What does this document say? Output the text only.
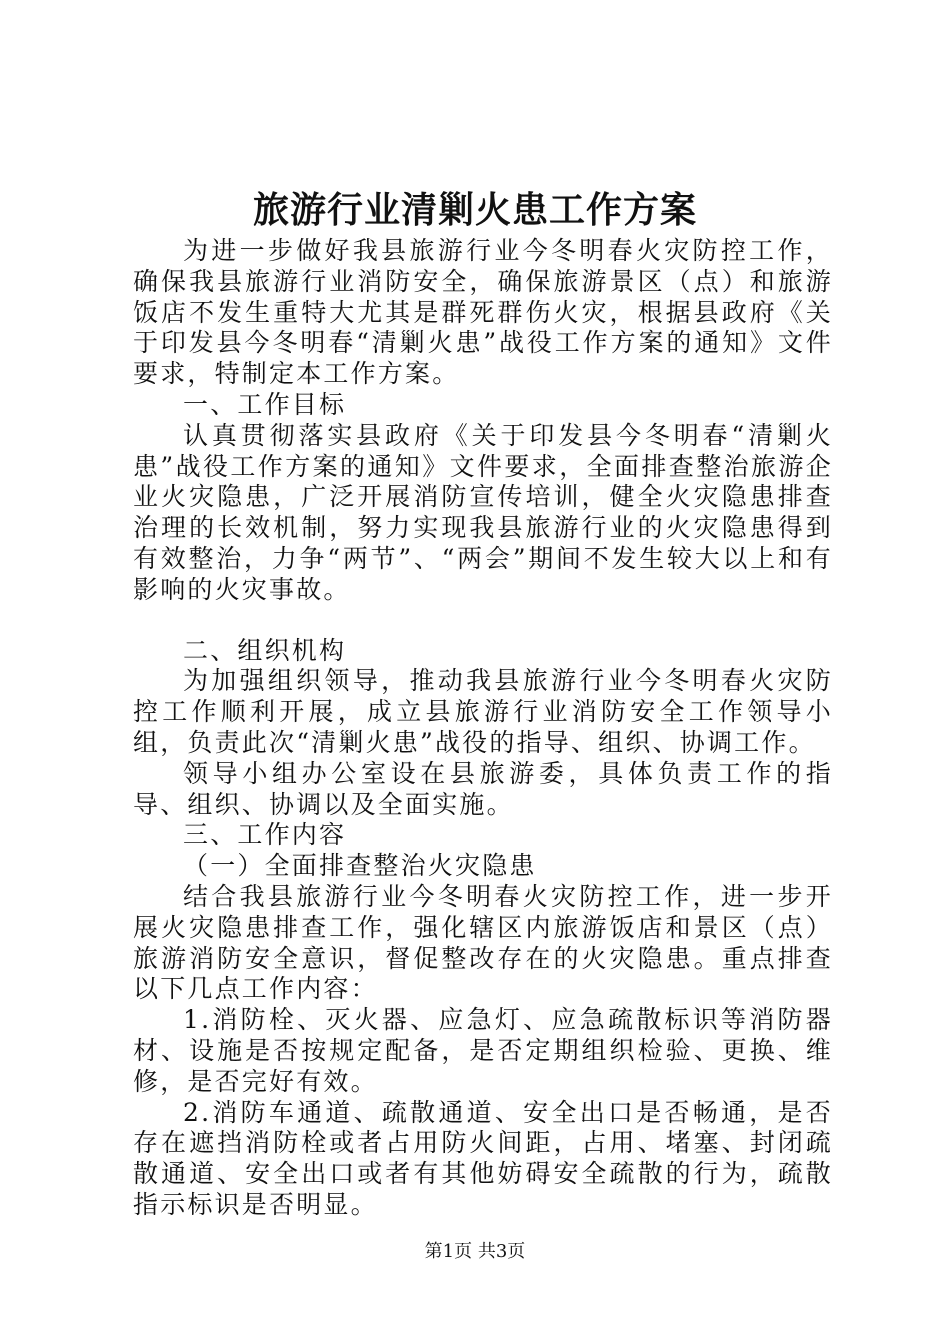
旅游行业清剿火患工作方案

为进一步做好我县旅游行业今冬明春火灾防控工作，确保我县旅游行业消防安全，确保旅游景区（点）和旅游饭店不发生重特大尤其是群死群伤火灾，根据县政府《关于印发县今冬明春“清剿火患”战役工作方案的通知》文件要求，特制定本工作方案。

一、工作目标

认真贯彻落实县政府《关于印发县今冬明春“清剿火患”战役工作方案的通知》文件要求，全面排查整治旅游企业火灾隐患，广泛开展消防宣传培训，健全火灾隐患排查治理的长效机制，努力实现我县旅游行业的火灾隐患得到有效整治，力争“两节”、“两会”期间不发生较大以上和有影响的火灾事故。

二、组织机构

为加强组织领导，推动我县旅游行业今冬明春火灾防控工作顺利开展，成立县旅游行业消防安全工作领导小组，负责此次“清剿火患”战役的指导、组织、协调工作。

领导小组办公室设在县旅游委，具体负责工作的指导、组织、协调以及全面实施。

三、工作内容

（一）全面排查整治火灾隐患

结合我县旅游行业今冬明春火灾防控工作，进一步开展火灾隐患排查工作，强化辖区内旅游饭店和景区（点）旅游消防安全意识，督促整改存在的火灾隐患。重点排查以下几点工作内容：

1.消防栓、灭火器、应急灯、应急疏散标识等消防器材、设施是否按规定配备，是否定期组织检验、更换、维修，是否完好有效。

2.消防车通道、疏散通道、安全出口是否畅通，是否存在遮挡消防栓或者占用防火间距，占用、堵塞、封闭疏散通道、安全出口或者有其他妨碍安全疏散的行为，疏散指示标识是否明显。

第1页 共3页
